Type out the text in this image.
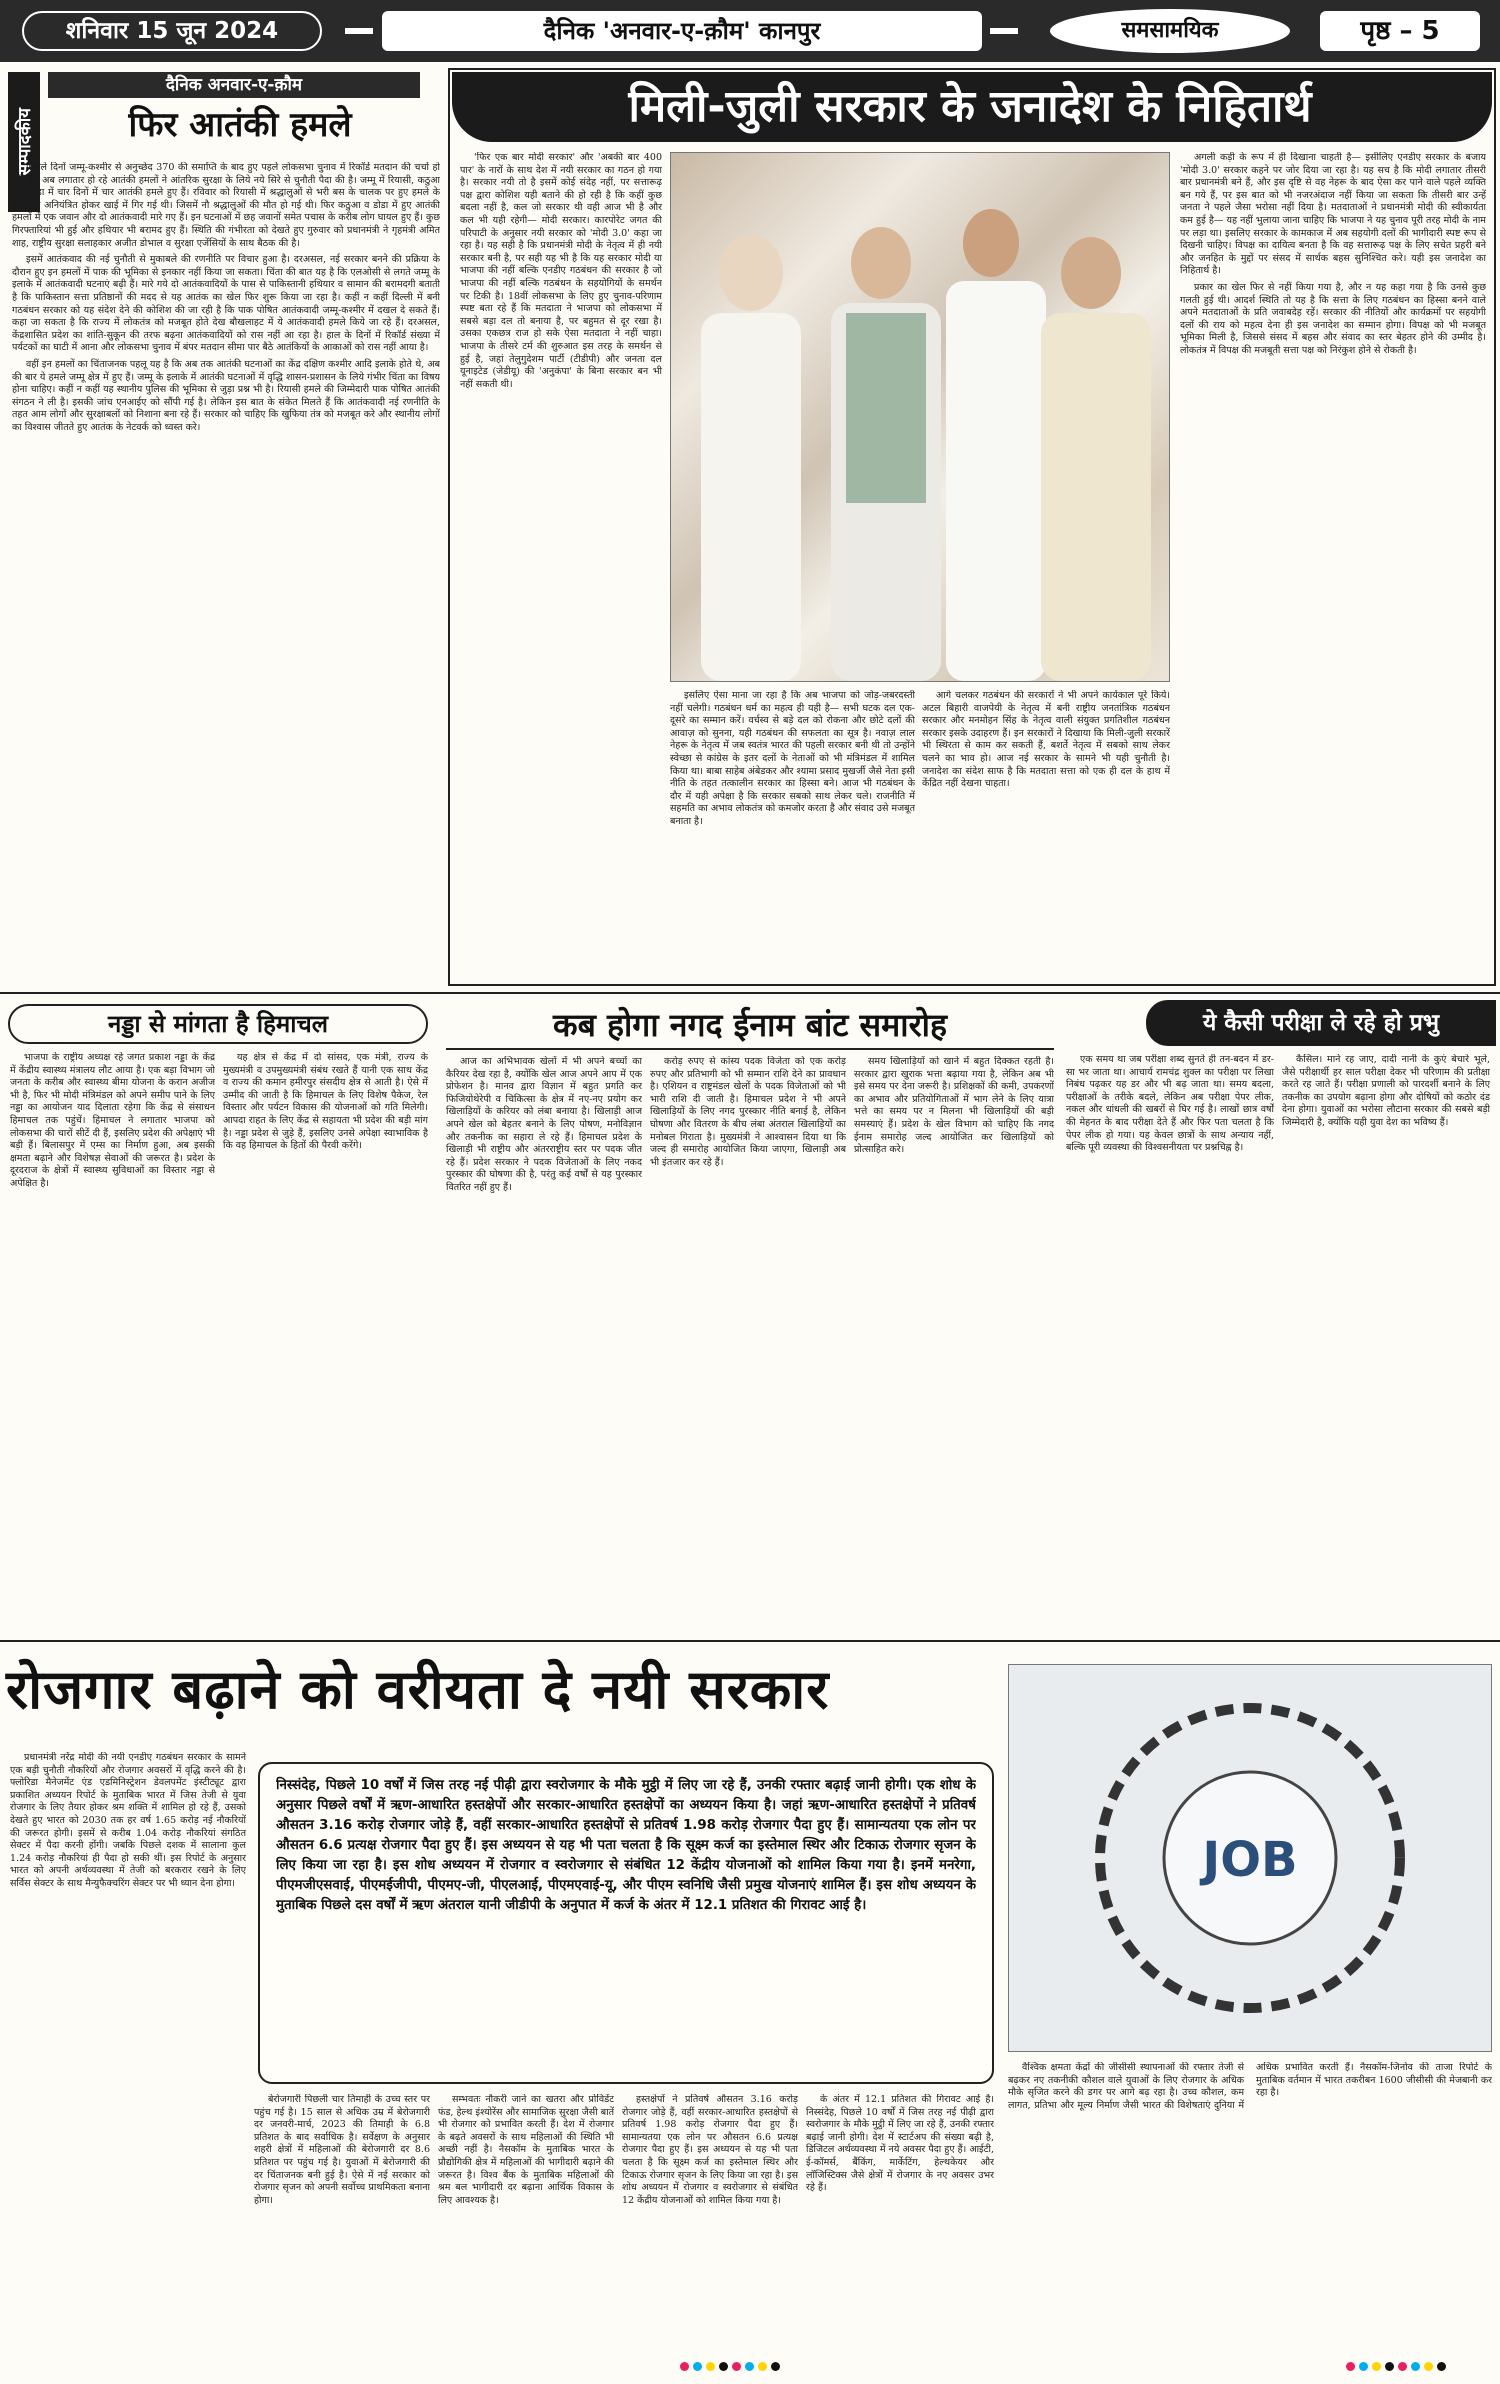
शनिवार 15 जून 2024	दैनिक 'अनवार-ए-क़ौम' कानपुर	समसामयिक	पृष्ठ – 5
सम्पादकीय
दैनिक अनवार-ए-क़ौम
फिर आतंकी हमले

पिछले दिनों जम्मू-कश्मीर से अनुच्छेद 370 की समाप्ति के बाद हुए पहले लोकसभा चुनाव में रिकॉर्ड मतदान की चर्चा हो रही थी। अब लगातार हो रहे आतंकी हमलों ने आंतरिक सुरक्षा के लिये नये सिरे से चुनौती पैदा की है। जम्मू में रियासी, कठुआ और डोडा में चार दिनों में चार आतंकी हमले हुए हैं। रविवार को रियासी में श्रद्धालुओं से भरी बस के चालक पर हुए हमले के बाद बस अनियंत्रित होकर खाई में गिर गई थी। जिसमें नौ श्रद्धालुओं की मौत हो गई थी। फिर कठुआ व डोडा में हुए आतंकी हमलों में एक जवान और दो आतंकवादी मारे गए हैं। इन घटनाओं में छह जवानों समेत पचास के करीब लोग घायल हुए हैं। कुछ गिरफ्तारियां भी हुई और हथियार भी बरामद हुए हैं। स्थिति की गंभीरता को देखते हुए गुरुवार को प्रधानमंत्री ने गृहमंत्री अमित शाह, राष्ट्रीय सुरक्षा सलाहकार अजीत डोभाल व सुरक्षा एजेंसियों के साथ बैठक की है।

इसमें आतंकवाद की नई चुनौती से मुकाबले की रणनीति पर विचार हुआ है। दरअसल, नई सरकार बनने की प्रक्रिया के दौरान हुए इन हमलों में पाक की भूमिका से इनकार नहीं किया जा सकता। चिंता की बात यह है कि एलओसी से लगते जम्मू के इलाके में आतंकवादी घटनाएं बढ़ी हैं। मारे गये दो आतंकवादियों के पास से पाकिस्तानी हथियार व सामान की बरामदगी बताती है कि पाकिस्तान सत्ता प्रतिष्ठानों की मदद से यह आतंक का खेल फिर शुरू किया जा रहा है। कहीं न कहीं दिल्ली में बनी गठबंधन सरकार को यह संदेश देने की कोशिश की जा रही है कि पाक पोषित आतंकवादी जम्मू-कश्मीर में दखल दे सकते हैं। कहा जा सकता है कि राज्य में लोकतंत्र को मजबूत होते देख बौखलाहट में ये आतंकवादी हमले किये जा रहे हैं। दरअसल, केंद्रशासित प्रदेश का शांति-सुकून की तरफ बढ़ना आतंकवादियों को रास नहीं आ रहा है। हाल के दिनों में रिकॉर्ड संख्या में पर्यटकों का घाटी में आना और लोकसभा चुनाव में बंपर मतदान सीमा पार बैठे आतंकियों के आकाओं को रास नहीं आया है।

वहीं इन हमलों का चिंताजनक पहलू यह है कि अब तक आतंकी घटनाओं का केंद्र दक्षिण कश्मीर आदि इलाके होते थे, अब की बार ये हमले जम्मू क्षेत्र में हुए हैं। जम्मू के इलाके में आतंकी घटनाओं में वृद्धि शासन-प्रशासन के लिये गंभीर चिंता का विषय होना चाहिए। कहीं न कहीं यह स्थानीय पुलिस की भूमिका से जुड़ा प्रश्न भी है। रियासी हमले की जिम्मेदारी पाक पोषित आतंकी संगठन ने ली है। इसकी जांच एनआईए को सौंपी गई है। लेकिन इस बात के संकेत मिलते हैं कि आतंकवादी नई रणनीति के तहत आम लोगों और सुरक्षाबलों को निशाना बना रहे हैं। सरकार को चाहिए कि खुफिया तंत्र को मजबूत करे और स्थानीय लोगों का विश्वास जीतते हुए आतंक के नेटवर्क को ध्वस्त करे।

मिली-जुली सरकार के जनादेश के निहितार्थ

'फिर एक बार मोदी सरकार' और 'अबकी बार 400 पार' के नारों के साथ देश में नयी सरकार का गठन हो गया है। सरकार नयी तो है इसमें कोई संदेह नहीं, पर सत्तारूढ़ पक्ष द्वारा कोशिश यही बताने की हो रही है कि कहीं कुछ बदला नहीं है, कल जो सरकार थी वही आज भी है और कल भी यही रहेगी— मोदी सरकार। कारपोरेट जगत की परिपाटी के अनुसार नयी सरकार को 'मोदी 3.0' कहा जा रहा है। यह सही है कि प्रधानमंत्री मोदी के नेतृत्व में ही नयी सरकार बनी है, पर सही यह भी है कि यह सरकार मोदी या भाजपा की नहीं बल्कि एनडीए गठबंधन की सरकार है जो भाजपा की नहीं बल्कि गठबंधन के सहयोगियों के समर्थन पर टिकी है। 18वीं लोकसभा के लिए हुए चुनाव-परिणाम स्पष्ट बता रहे हैं कि मतदाता ने भाजपा को लोकसभा में सबसे बड़ा दल तो बनाया है, पर बहुमत से दूर रखा है। उसका एकछत्र राज हो सके ऐसा मतदाता ने नहीं चाहा। भाजपा के तीसरे टर्म की शुरुआत इस तरह के समर्थन से हुई है, जहां तेलुगुदेशम पार्टी (टीडीपी) और जनता दल यूनाइटेड (जेडीयू) की 'अनुकंपा' के बिना सरकार बन भी नहीं सकती थी।

इसलिए ऐसा माना जा रहा है कि अब भाजपा को जोड़-जबरदस्ती नहीं चलेगी। गठबंधन धर्म का महत्व ही यही है— सभी घटक दल एक-दूसरे का सम्मान करें। वर्चस्व से बड़े दल को रोकना और छोटे दलों की आवाज़ को सुनना, यही गठबंधन की सफलता का सूत्र है। नवाज़ लाल नेहरू के नेतृत्व में जब स्वतंत्र भारत की पहली सरकार बनी थी तो उन्होंने स्वेच्छा से कांग्रेस के इतर दलों के नेताओं को भी मंत्रिमंडल में शामिल किया था। बाबा साहेब अंबेडकर और श्यामा प्रसाद मुखर्जी जैसे नेता इसी नीति के तहत तत्कालीन सरकार का हिस्सा बने। आज भी गठबंधन के दौर में यही अपेक्षा है कि सरकार सबको साथ लेकर चले। राजनीति में सहमति का अभाव लोकतंत्र को कमजोर करता है और संवाद उसे मजबूत बनाता है।

आगे चलकर गठबंधन की सरकारों ने भी अपने कार्यकाल पूरे किये। अटल बिहारी वाजपेयी के नेतृत्व में बनी राष्ट्रीय जनतांत्रिक गठबंधन सरकार और मनमोहन सिंह के नेतृत्व वाली संयुक्त प्रगतिशील गठबंधन सरकार इसके उदाहरण हैं। इन सरकारों ने दिखाया कि मिली-जुली सरकारें भी स्थिरता से काम कर सकती हैं, बशर्ते नेतृत्व में सबको साथ लेकर चलने का भाव हो। आज नई सरकार के सामने भी यही चुनौती है। जनादेश का संदेश साफ है कि मतदाता सत्ता को एक ही दल के हाथ में केंद्रित नहीं देखना चाहता।

अगली कड़ी के रूप में ही दिखाना चाहती है— इसीलिए एनडीए सरकार के बजाय 'मोदी 3.0' सरकार कहने पर जोर दिया जा रहा है। यह सच है कि मोदी लगातार तीसरी बार प्रधानमंत्री बने हैं, और इस दृष्टि से वह नेहरू के बाद ऐसा कर पाने वाले पहले व्यक्ति बन गये हैं, पर इस बात को भी नजरअंदाज नहीं किया जा सकता कि तीसरी बार उन्हें जनता ने पहले जैसा भरोसा नहीं दिया है। मतदाताओं ने प्रधानमंत्री मोदी की स्वीकार्यता कम हुई है— यह नहीं भुलाया जाना चाहिए कि भाजपा ने यह चुनाव पूरी तरह मोदी के नाम पर लड़ा था। इसलिए सरकार के कामकाज में अब सहयोगी दलों की भागीदारी स्पष्ट रूप से दिखनी चाहिए। विपक्ष का दायित्व बनता है कि वह सत्तारूढ़ पक्ष के लिए सचेत प्रहरी बने और जनहित के मुद्दों पर संसद में सार्थक बहस सुनिश्चित करे। यही इस जनादेश का निहितार्थ है।

प्रकार का खेल फिर से नहीं किया गया है, और न यह कहा गया है कि उनसे कुछ गलती हुई थी। आदर्श स्थिति तो यह है कि सत्ता के लिए गठबंधन का हिस्सा बनने वाले अपने मतदाताओं के प्रति जवाबदेह रहें। सरकार की नीतियों और कार्यक्रमों पर सहयोगी दलों की राय को महत्व देना ही इस जनादेश का सम्मान होगा। विपक्ष को भी मजबूत भूमिका मिली है, जिससे संसद में बहस और संवाद का स्तर बेहतर होने की उम्मीद है। लोकतंत्र में विपक्ष की मजबूती सत्ता पक्ष को निरंकुश होने से रोकती है।

नड्डा से मांगता है हिमाचल

भाजपा के राष्ट्रीय अध्यक्ष रहे जगत प्रकाश नड्डा के केंद्र में केंद्रीय स्वास्थ्य मंत्रालय लौट आया है। एक बड़ा विभाग जो जनता के करीब और स्वास्थ्य बीमा योजना के करान अजीज भी है, फिर भी मोदी मंत्रिमंडल को अपने समीप पाने के लिए नड्डा का आयोजन याद दिलाता रहेगा कि केंद्र से संसाधन हिमाचल तक पहुंचें। हिमाचल ने लगातार भाजपा को लोकसभा की चारों सीटें दी हैं, इसलिए प्रदेश की अपेक्षाएं भी बड़ी हैं। बिलासपुर में एम्स का निर्माण हुआ, अब इसकी क्षमता बढ़ाने और विशेषज्ञ सेवाओं की जरूरत है। प्रदेश के दूरदराज के क्षेत्रों में स्वास्थ्य सुविधाओं का विस्तार नड्डा से अपेक्षित है।

यह क्षेत्र से केंद्र में दो सांसद, एक मंत्री, राज्य के मुख्यमंत्री व उपमुख्यमंत्री संबंध रखते हैं यानी एक साथ केंद्र व राज्य की कमान हमीरपुर संसदीय क्षेत्र से आती है। ऐसे में उम्मीद की जाती है कि हिमाचल के लिए विशेष पैकेज, रेल विस्तार और पर्यटन विकास की योजनाओं को गति मिलेगी। आपदा राहत के लिए केंद्र से सहायता भी प्रदेश की बड़ी मांग है। नड्डा प्रदेश से जुड़े हैं, इसलिए उनसे अपेक्षा स्वाभाविक है कि वह हिमाचल के हितों की पैरवी करेंगे।

कब होगा नगद ईनाम बांट समारोह

आज का अभिभावक खेलों में भी अपने बच्चों का कैरियर देख रहा है, क्योंकि खेल आज अपने आप में एक प्रोफेशन है। मानव द्वारा विज्ञान में बहुत प्रगति कर फिजियोथेरेपी व चिकित्सा के क्षेत्र में नए-नए प्रयोग कर खिलाड़ियों के करियर को लंबा बनाया है। खिलाड़ी आज अपने खेल को बेहतर बनाने के लिए पोषण, मनोविज्ञान और तकनीक का सहारा ले रहे हैं। हिमाचल प्रदेश के खिलाड़ी भी राष्ट्रीय और अंतरराष्ट्रीय स्तर पर पदक जीत रहे हैं। प्रदेश सरकार ने पदक विजेताओं के लिए नकद पुरस्कार की घोषणा की है, परंतु कई वर्षों से यह पुरस्कार वितरित नहीं हुए हैं।

करोड़ रुपए से कांस्य पदक विजेता को एक करोड़ रुपए और प्रतिभागी को भी सम्मान राशि देने का प्रावधान है। एशियन व राष्ट्रमंडल खेलों के पदक विजेताओं को भी भारी राशि दी जाती है। हिमाचल प्रदेश ने भी अपने खिलाड़ियों के लिए नगद पुरस्कार नीति बनाई है, लेकिन घोषणा और वितरण के बीच लंबा अंतराल खिलाड़ियों का मनोबल गिराता है। मुख्यमंत्री ने आश्वासन दिया था कि जल्द ही समारोह आयोजित किया जाएगा, खिलाड़ी अब भी इंतजार कर रहे हैं।

समय खिलाड़ियों को खाने में बहुत दिक्कत रहती है। सरकार द्वारा खुराक भत्ता बढ़ाया गया है, लेकिन अब भी इसे समय पर देना जरूरी है। प्रशिक्षकों की कमी, उपकरणों का अभाव और प्रतियोगिताओं में भाग लेने के लिए यात्रा भत्ते का समय पर न मिलना भी खिलाड़ियों की बड़ी समस्याएं हैं। प्रदेश के खेल विभाग को चाहिए कि नगद ईनाम समारोह जल्द आयोजित कर खिलाड़ियों को प्रोत्साहित करे।

ये कैसी परीक्षा ले रहे हो प्रभु

एक समय था जब परीक्षा शब्द सुनते ही तन-बदन में डर-सा भर जाता था। आचार्य रामचंद्र शुक्ल का परीक्षा पर लिखा निबंध पढ़कर यह डर और भी बढ़ जाता था। समय बदला, परीक्षाओं के तरीके बदले, लेकिन अब परीक्षा पेपर लीक, नकल और धांधली की खबरों से घिर गई है। लाखों छात्र वर्षों की मेहनत के बाद परीक्षा देते हैं और फिर पता चलता है कि पेपर लीक हो गया। यह केवल छात्रों के साथ अन्याय नहीं, बल्कि पूरी व्यवस्था की विश्वसनीयता पर प्रश्नचिह्न है।

कैसिल। माने रह जाए, दादी नानी के कुएं बेचारे भूले, जैसे परीक्षार्थी हर साल परीक्षा देकर भी परिणाम की प्रतीक्षा करते रह जाते हैं। परीक्षा प्रणाली को पारदर्शी बनाने के लिए तकनीक का उपयोग बढ़ाना होगा और दोषियों को कठोर दंड देना होगा। युवाओं का भरोसा लौटाना सरकार की सबसे बड़ी जिम्मेदारी है, क्योंकि यही युवा देश का भविष्य हैं।

रोजगार बढ़ाने को वरीयता दे नयी सरकार

प्रधानमंत्री नरेंद्र मोदी की नयी एनडीए गठबंधन सरकार के सामने एक बड़ी चुनौती नौकरियों और रोजगार अवसरों में वृद्धि करने की है। फ्लोरिडा मैनेजमेंट एंड एडमिनिस्ट्रेशन डेवलपमेंट इंस्टीट्यूट द्वारा प्रकाशित अध्ययन रिपोर्ट के मुताबिक भारत में जिस तेजी से युवा रोजगार के लिए तैयार होकर श्रम शक्ति में शामिल हो रहे हैं, उसको देखते हुए भारत को 2030 तक हर वर्ष 1.65 करोड़ नई नौकरियों की जरूरत होगी। इसमें से करीब 1.04 करोड़ नौकरियां संगठित सेक्टर में पैदा करनी होंगी। जबकि पिछले दशक में सालाना कुल 1.24 करोड़ नौकरियां ही पैदा हो सकी थीं। इस रिपोर्ट के अनुसार भारत को अपनी अर्थव्यवस्था में तेजी को बरकरार रखने के लिए सर्विस सेक्टर के साथ मैन्युफैक्चरिंग सेक्टर पर भी ध्यान देना होगा।

निस्संदेह, पिछले 10 वर्षों में जिस तरह नई पीढ़ी द्वारा स्वरोजगार के मौके मुट्ठी में लिए जा रहे हैं, उनकी रफ्तार बढ़ाई जानी होगी। एक शोध के अनुसार पिछले वर्षों में ऋण-आधारित हस्तक्षेपों और सरकार-आधारित हस्तक्षेपों का अध्ययन किया है। जहां ऋण-आधारित हस्तक्षेपों ने प्रतिवर्ष औसतन 3.16 करोड़ रोजगार जोड़े हैं, वहीं सरकार-आधारित हस्तक्षेपों से प्रतिवर्ष 1.98 करोड़ रोजगार पैदा हुए हैं। सामान्यतया एक लोन पर औसतन 6.6 प्रत्यक्ष रोजगार पैदा हुए हैं। इस अध्ययन से यह भी पता चलता है कि सूक्ष्म कर्ज का इस्तेमाल स्थिर और टिकाऊ रोजगार सृजन के लिए किया जा रहा है। इस शोध अध्ययन में रोजगार व स्वरोजगार से संबंधित 12 केंद्रीय योजनाओं को शामिल किया गया है। इनमें मनरेगा, पीएमजीएसवाई, पीएमईजीपी, पीएमए-जी, पीएलआई, पीएमएवाई-यू, और पीएम स्वनिधि जैसी प्रमुख योजनाएं शामिल हैं। इस शोध अध्ययन के मुताबिक पिछले दस वर्षों में ऋण अंतराल यानी जीडीपी के अनुपात में कर्ज के अंतर में 12.1 प्रतिशत की गिरावट आई है।
JOB

बेरोजगारी पिछली चार तिमाही के उच्च स्तर पर पहुंच गई है। 15 साल से अधिक उम्र में बेरोजगारी दर जनवरी-मार्च, 2023 की तिमाही के 6.8 प्रतिशत के बाद सर्वाधिक है। सर्वेक्षण के अनुसार शहरी क्षेत्रों में महिलाओं की बेरोजगारी दर 8.6 प्रतिशत पर पहुंच गई है। युवाओं में बेरोजगारी की दर चिंताजनक बनी हुई है। ऐसे में नई सरकार को रोजगार सृजन को अपनी सर्वोच्च प्राथमिकता बनाना होगा।

सम्भवतः नौकरी जाने का खतरा और प्रोविडेंट फंड, हेल्थ इंश्योरेंस और सामाजिक सुरक्षा जैसी बातें भी रोजगार को प्रभावित करती हैं। देश में रोजगार के बढ़ते अवसरों के साथ महिलाओं की स्थिति भी अच्छी नहीं है। नैसकॉम के मुताबिक भारत के प्रौद्योगिकी क्षेत्र में महिलाओं की भागीदारी बढ़ाने की जरूरत है। विश्व बैंक के मुताबिक महिलाओं की श्रम बल भागीदारी दर बढ़ाना आर्थिक विकास के लिए आवश्यक है।

हस्तक्षेपों ने प्रतिवर्ष औसतन 3.16 करोड़ रोजगार जोड़े हैं, वहीं सरकार-आधारित हस्तक्षेपों से प्रतिवर्ष 1.98 करोड़ रोजगार पैदा हुए हैं। सामान्यतया एक लोन पर औसतन 6.6 प्रत्यक्ष रोजगार पैदा हुए हैं। इस अध्ययन से यह भी पता चलता है कि सूक्ष्म कर्ज का इस्तेमाल स्थिर और टिकाऊ रोजगार सृजन के लिए किया जा रहा है। इस शोध अध्ययन में रोजगार व स्वरोजगार से संबंधित 12 केंद्रीय योजनाओं को शामिल किया गया है।

के अंतर में 12.1 प्रतिशत की गिरावट आई है। निस्संदेह, पिछले 10 वर्षों में जिस तरह नई पीढ़ी द्वारा स्वरोजगार के मौके मुट्ठी में लिए जा रहे हैं, उनकी रफ्तार बढ़ाई जानी होगी। देश में स्टार्टअप की संख्या बढ़ी है, डिजिटल अर्थव्यवस्था में नये अवसर पैदा हुए हैं। आईटी, ई-कॉमर्स, बैंकिंग, मार्केटिंग, हेल्थकेयर और लॉजिस्टिक्स जैसे क्षेत्रों में रोजगार के नए अवसर उभर रहे हैं।

वैश्विक क्षमता केंद्रों की जीसीसी स्थापनाओं की रफ्तार तेजी से बढ़कर नए तकनीकी कौशल वाले युवाओं के लिए रोजगार के अधिक मौके सृजित करने की डगर पर आगे बढ़ रहा है। उच्च कौशल, कम लागत, प्रतिभा और मूल्य निर्माण जैसी भारत की विशेषताएं दुनिया में अधिक प्रभावित करती हैं। नैसकॉम-जिनोव की ताजा रिपोर्ट के मुताबिक वर्तमान में भारत तकरीबन 1600 जीसीसी की मेजबानी कर रहा है।
